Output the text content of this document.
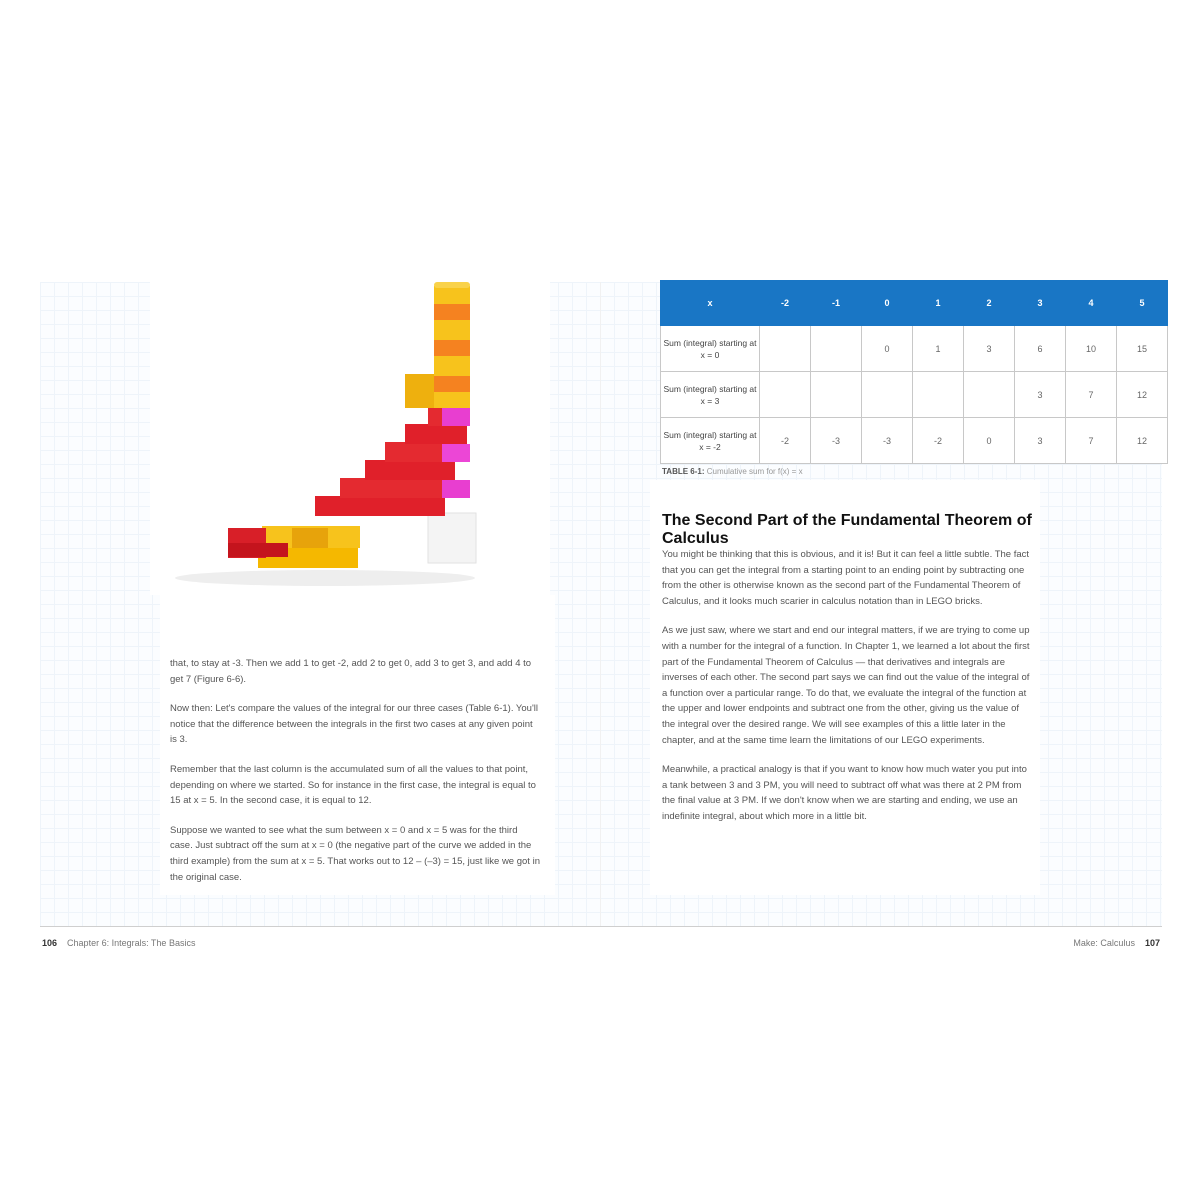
that, to stay at -3. Then we add 1 to get -2, add 2 to get 0, add 3 to get 3, and add 4 to get 7 (Figure 6-6).

Now then: Let's compare the values of the integral for our three cases (Table 6-1). You'll notice that the difference between the integrals in the first two cases at any given point is 3.

Remember that the last column is the accumulated sum of all the values to that point, depending on where we started. So for instance in the first case, the integral is equal to 15 at x = 5. In the second case, it is equal to 12.

Suppose we wanted to see what the sum between x = 0 and x = 5 was for the third case. Just subtract off the sum at x = 0 (the negative part of the curve we added in the third example) from the sum at x = 5. That works out to 12 – (–3) = 15, just like we got in the original case.

x	-2	-1	0	1	2	3	4	5
Sum (integral) starting at x = 0			0	1	3	6	10	15
Sum (integral) starting at x = 3						3	7	12
Sum (integral) starting at x = -2	-2	-3	-3	-2	0	3	7	12
TABLE 6-1: Cumulative sum for f(x) = x
The Second Part of the Fundamental Theorem of Calculus

You might be thinking that this is obvious, and it is! But it can feel a little subtle. The fact that you can get the integral from a starting point to an ending point by subtracting one from the other is otherwise known as the second part of the Fundamental Theorem of Calculus, and it looks much scarier in calculus notation than in LEGO bricks.

As we just saw, where we start and end our integral matters, if we are trying to come up with a number for the integral of a function. In Chapter 1, we learned a lot about the first part of the Fundamental Theorem of Calculus — that derivatives and integrals are inverses of each other. The second part says we can find out the value of the integral of a function over a particular range. To do that, we evaluate the integral of the function at the upper and lower endpoints and subtract one from the other, giving us the value of the integral over the desired range. We will see examples of this a little later in the chapter, and at the same time learn the limitations of our LEGO experiments.

Meanwhile, a practical analogy is that if you want to know how much water you put into a tank between 3 and 3 PM, you will need to subtract off what was there at 2 PM from the final value at 3 PM. If we don't know when we are starting and ending, we use an indefinite integral, about which more in a little bit.

106 Chapter 6: Integrals: The Basics	Make: Calculus 107
